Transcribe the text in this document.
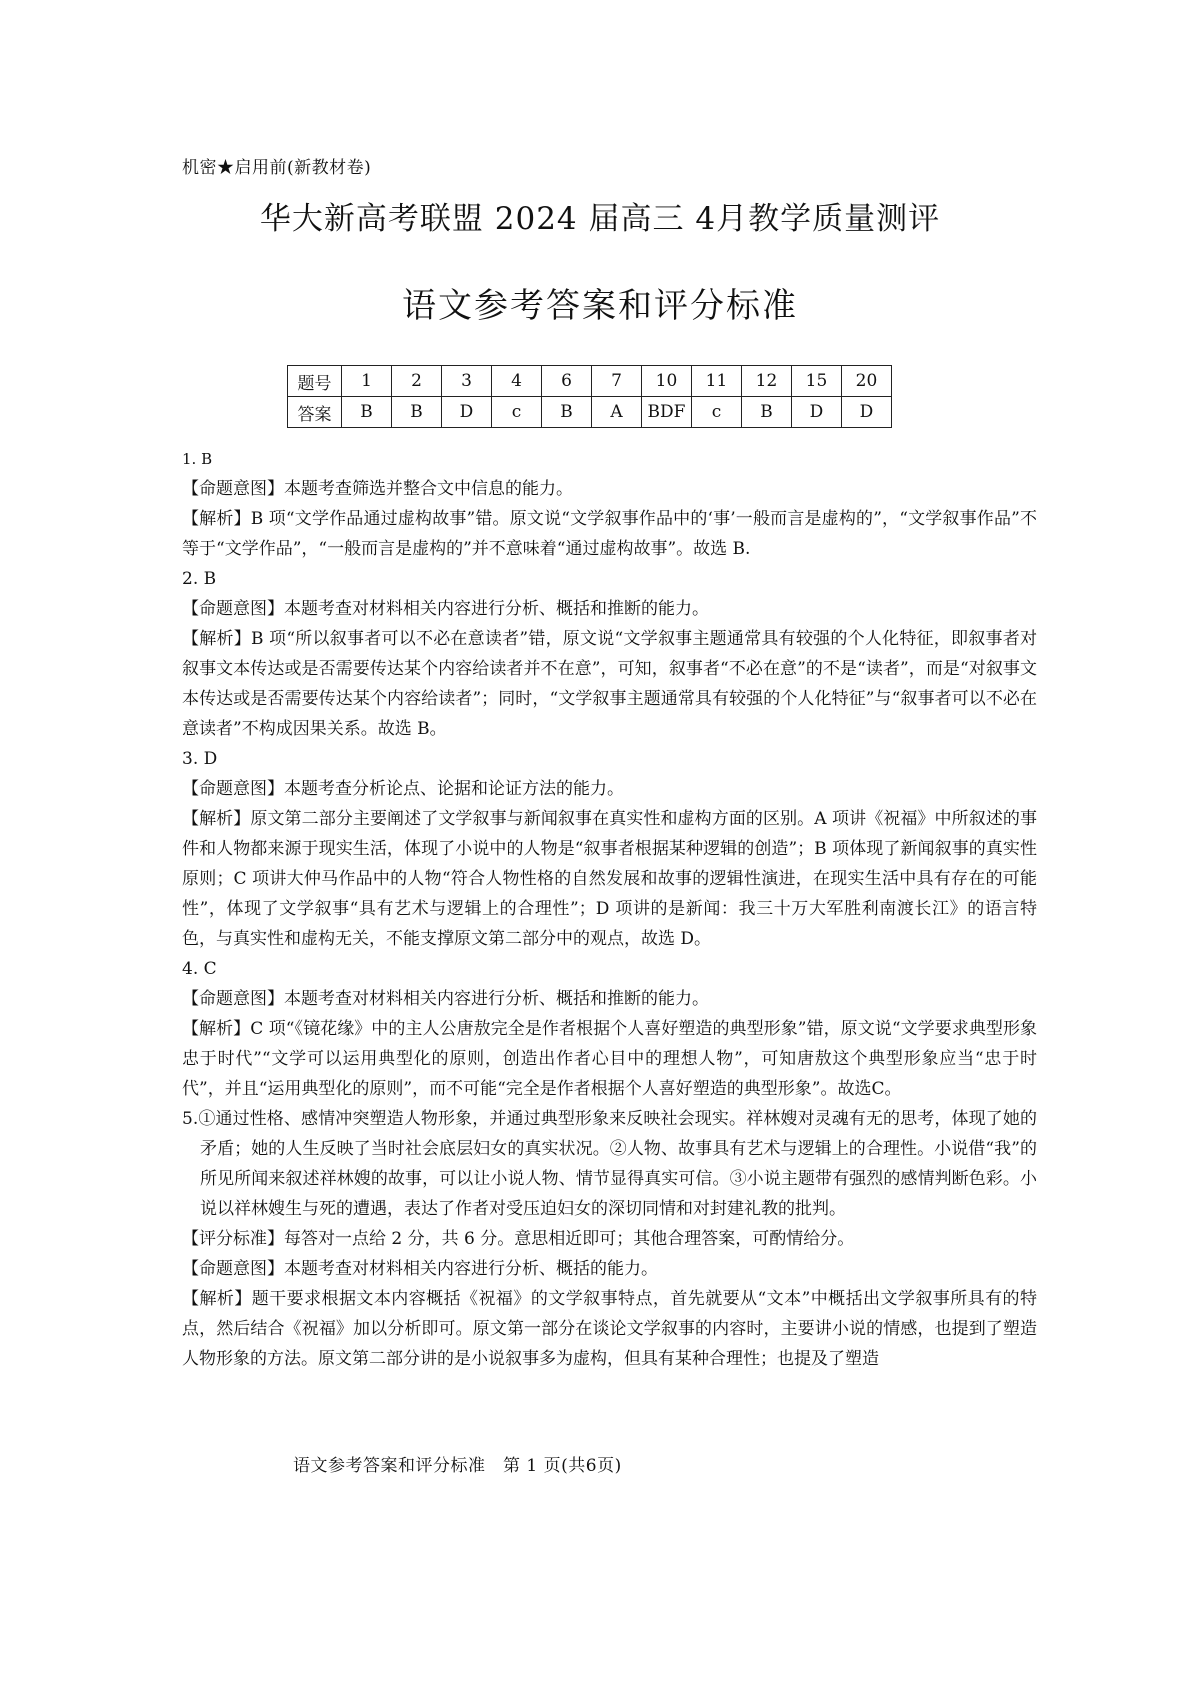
机密★启用前(新教材卷)
华大新高考联盟 2024 届高三 4月教学质量测评
语文参考答案和评分标准
题号	1	2	3	4	6	7	10	11	12	15	20
答案	B	B	D	c	B	A	BDF	c	B	D	D

1. B

【命题意图】本题考查筛选并整合文中信息的能力。

【解析】B 项“文学作品通过虚构故事”错。原文说“文学叙事作品中的‘事’一般而言是虚构的”，“文学叙事作品”不等于“文学作品”，“一般而言是虚构的”并不意味着“通过虚构故事”。故选 B.

2. B

【命题意图】本题考查对材料相关内容进行分析、概括和推断的能力。

【解析】B 项“所以叙事者可以不必在意读者”错，原文说“文学叙事主题通常具有较强的个人化特征，即叙事者对叙事文本传达或是否需要传达某个内容给读者并不在意”，可知，叙事者“不必在意”的不是“读者”，而是“对叙事文本传达或是否需要传达某个内容给读者”；同时，“文学叙事主题通常具有较强的个人化特征”与“叙事者可以不必在意读者”不构成因果关系。故选 B。

3. D

【命题意图】本题考查分析论点、论据和论证方法的能力。

【解析】原文第二部分主要阐述了文学叙事与新闻叙事在真实性和虚构方面的区别。A 项讲《祝福》中所叙述的事件和人物都来源于现实生活，体现了小说中的人物是“叙事者根据某种逻辑的创造”；B 项体现了新闻叙事的真实性原则；C 项讲大仲马作品中的人物“符合人物性格的自然发展和故事的逻辑性演进，在现实生活中具有存在的可能性”，体现了文学叙事“具有艺术与逻辑上的合理性”；D 项讲的是新闻：我三十万大军胜利南渡长江》的语言特色，与真实性和虚构无关，不能支撑原文第二部分中的观点，故选 D。

4. C

【命题意图】本题考查对材料相关内容进行分析、概括和推断的能力。

【解析】C 项“《镜花缘》中的主人公唐敖完全是作者根据个人喜好塑造的典型形象”错，原文说“文学要求典型形象忠于时代”“文学可以运用典型化的原则，创造出作者心目中的理想人物”，可知唐敖这个典型形象应当“忠于时代”，并且“运用典型化的原则”，而不可能“完全是作者根据个人喜好塑造的典型形象”。故选C。

5.①通过性格、感情冲突塑造人物形象，并通过典型形象来反映社会现实。祥林嫂对灵魂有无的思考，体现了她的矛盾；她的人生反映了当时社会底层妇女的真实状况。②人物、故事具有艺术与逻辑上的合理性。小说借“我”的所见所闻来叙述祥林嫂的故事，可以让小说人物、情节显得真实可信。③小说主题带有强烈的感情判断色彩。小说以祥林嫂生与死的遭遇，表达了作者对受压迫妇女的深切同情和对封建礼教的批判。

【评分标准】每答对一点给 2 分，共 6 分。意思相近即可；其他合理答案，可酌情给分。

【命题意图】本题考查对材料相关内容进行分析、概括的能力。

【解析】题干要求根据文本内容概括《祝福》的文学叙事特点，首先就要从“文本”中概括出文学叙事所具有的特点，然后结合《祝福》加以分析即可。原文第一部分在谈论文学叙事的内容时，主要讲小说的情感，也提到了塑造人物形象的方法。原文第二部分讲的是小说叙事多为虚构，但具有某种合理性；也提及了塑造

语文参考答案和评分标准　第 1 页(共6页)
